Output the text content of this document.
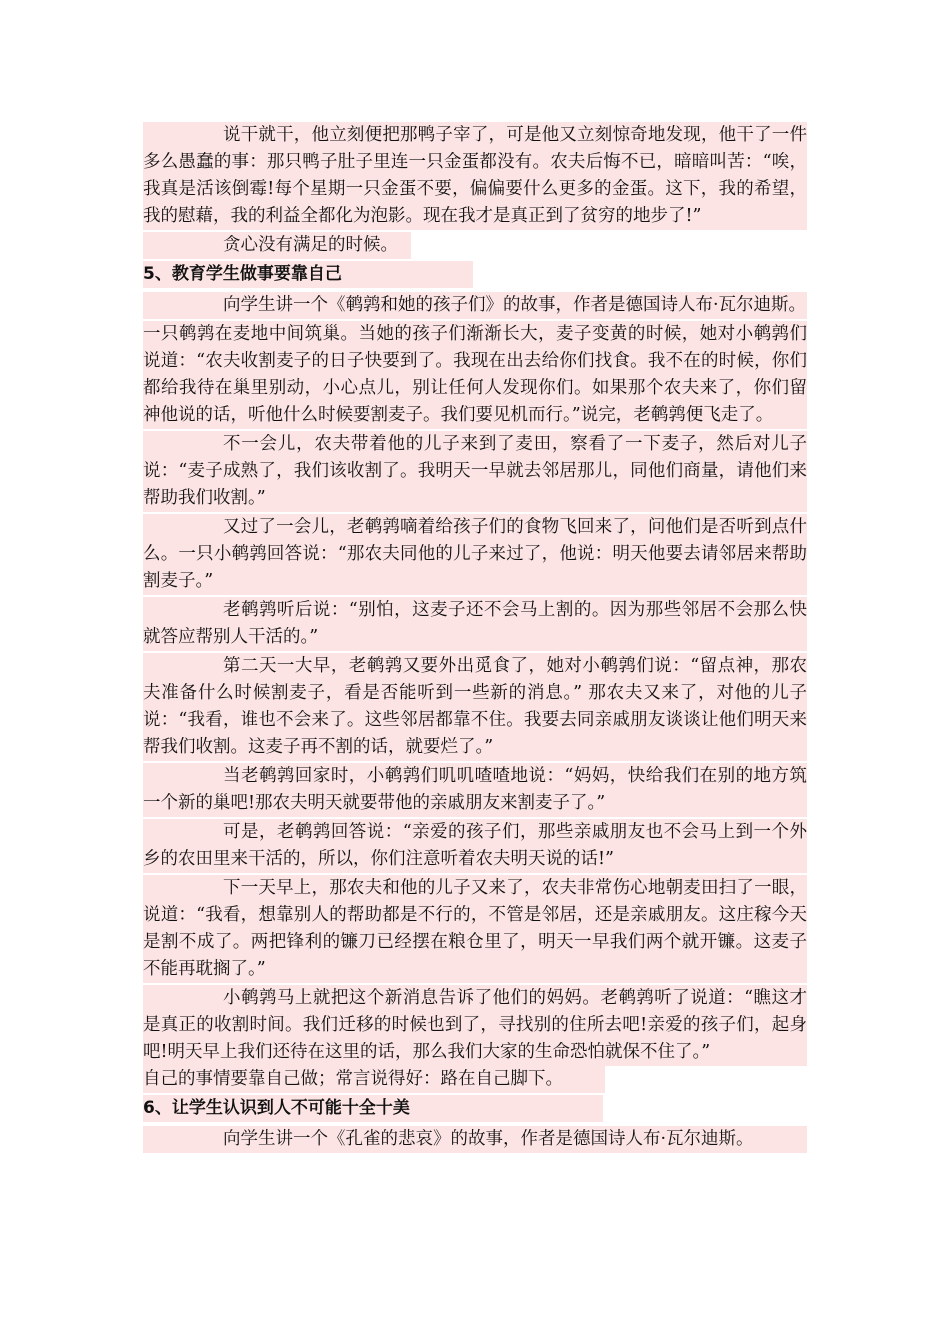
说干就干，他立刻便把那鸭子宰了，可是他又立刻惊奇地发现，他干了一件多么愚蠢的事：那只鸭子肚子里连一只金蛋都没有。农夫后悔不已，暗暗叫苦：“唉，我真是活该倒霉!每个星期一只金蛋不要，偏偏要什么更多的金蛋。这下，我的希望，我的慰藉，我的利益全都化为泡影。现在我才是真正到了贫穷的地步了!”

贪心没有满足的时候。

5、教育学生做事要靠自己

向学生讲一个《鹌鹑和她的孩子们》的故事，作者是德国诗人布·瓦尔迪斯。

一只鹌鹑在麦地中间筑巢。当她的孩子们渐渐长大，麦子变黄的时候，她对小鹌鹑们说道：“农夫收割麦子的日子快要到了。我现在出去给你们找食。我不在的时候，你们都给我待在巢里别动，小心点儿，别让任何人发现你们。如果那个农夫来了，你们留神他说的话，听他什么时候要割麦子。我们要见机而行。”说完，老鹌鹑便飞走了。

不一会儿，农夫带着他的儿子来到了麦田，察看了一下麦子，然后对儿子说：“麦子成熟了，我们该收割了。我明天一早就去邻居那儿，同他们商量，请他们来帮助我们收割。”

又过了一会儿，老鹌鹑嘀着给孩子们的食物飞回来了，问他们是否听到点什么。一只小鹌鹑回答说：“那农夫同他的儿子来过了，他说：明天他要去请邻居来帮助割麦子。”

老鹌鹑听后说：“别怕，这麦子还不会马上割的。因为那些邻居不会那么快就答应帮别人干活的。”

第二天一大早，老鹌鹑又要外出觅食了，她对小鹌鹑们说：“留点神，那农夫准备什么时候割麦子，看是否能听到一些新的消息。” 那农夫又来了，对他的儿子说：“我看，谁也不会来了。这些邻居都靠不住。我要去同亲戚朋友谈谈让他们明天来帮我们收割。这麦子再不割的话，就要烂了。”

当老鹌鹑回家时，小鹌鹑们叽叽喳喳地说：“妈妈，快给我们在别的地方筑一个新的巢吧!那农夫明天就要带他的亲戚朋友来割麦子了。”

可是，老鹌鹑回答说：“亲爱的孩子们，那些亲戚朋友也不会马上到一个外乡的农田里来干活的，所以，你们注意听着农夫明天说的话!”

下一天早上，那农夫和他的儿子又来了，农夫非常伤心地朝麦田扫了一眼，说道：“我看，想靠别人的帮助都是不行的，不管是邻居，还是亲戚朋友。这庄稼今天是割不成了。两把锋利的镰刀已经摆在粮仓里了，明天一早我们两个就开镰。这麦子不能再耽搁了。”

小鹌鹑马上就把这个新消息告诉了他们的妈妈。老鹌鹑听了说道：“瞧这才是真正的收割时间。我们迁移的时候也到了，寻找别的住所去吧!亲爱的孩子们，起身吧!明天早上我们还待在这里的话，那么我们大家的生命恐怕就保不住了。”

自己的事情要靠自己做；常言说得好：路在自己脚下。

6、让学生认识到人不可能十全十美

向学生讲一个《孔雀的悲哀》的故事，作者是德国诗人布·瓦尔迪斯。
